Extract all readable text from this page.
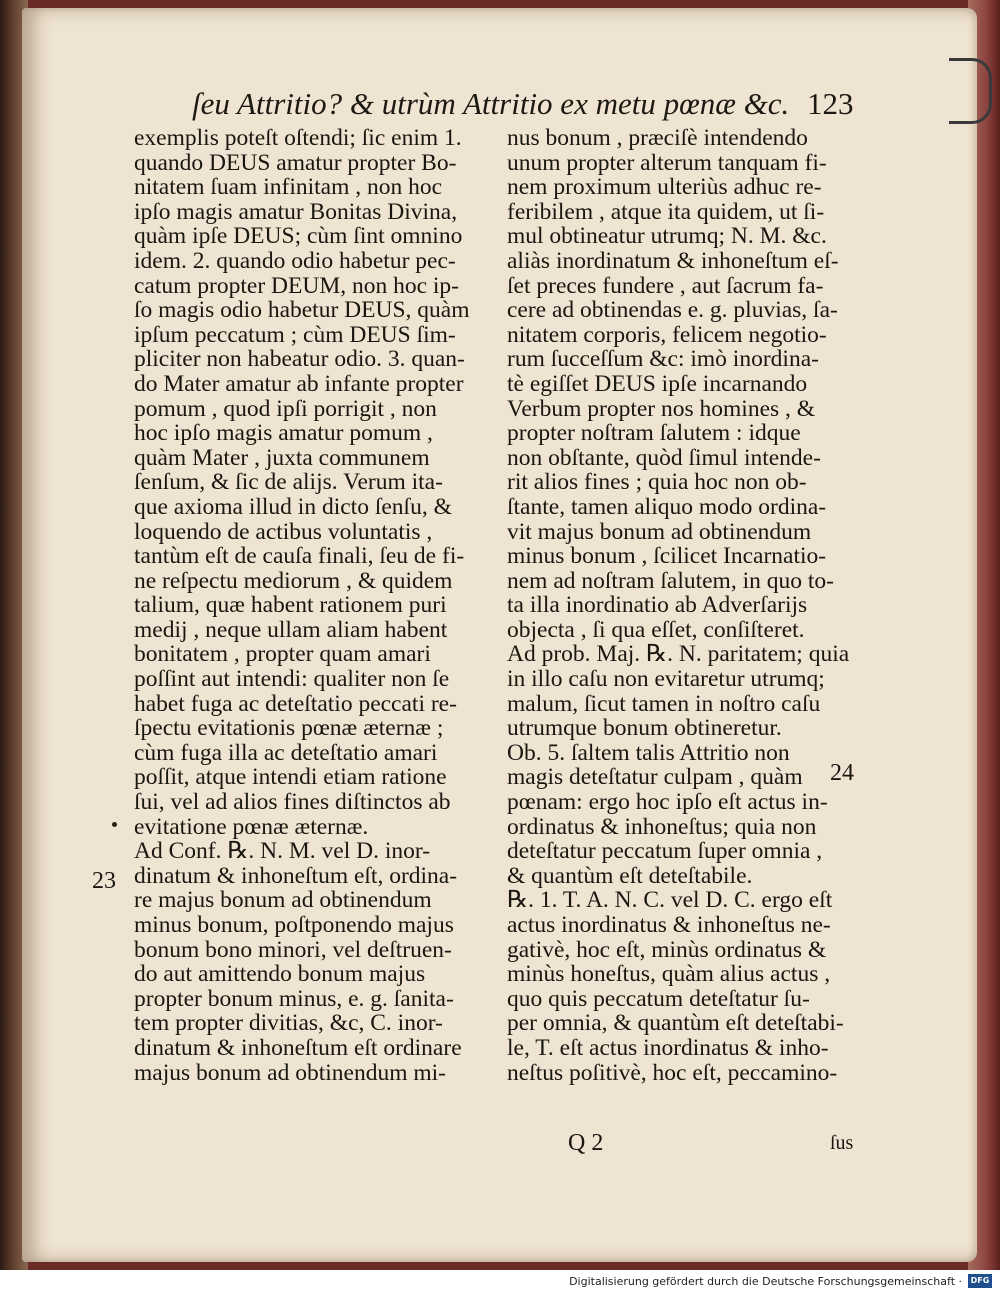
ſeu Attritio? & utrùm Attritio ex metu pœnæ &c. 123
exemplis poteſt oſtendi; ſic enim 1.
quando DEUS amatur propter Bo-
nitatem ſuam infinitam , non hoc
ipſo magis amatur Bonitas Divina,
quàm ipſe DEUS; cùm ſint omnino
idem. 2. quando odio habetur pec-
catum propter DEUM, non hoc ip-
ſo magis odio habetur DEUS, quàm
ipſum peccatum ; cùm DEUS ſim-
pliciter non habeatur odio. 3. quan-
do Mater amatur ab infante propter
pomum , quod ipſi porrigit , non
hoc ipſo magis amatur pomum ,
quàm Mater , juxta communem
ſenſum, & ſic de alijs. Verum ita-
que axioma illud in dicto ſenſu, &
loquendo de actibus voluntatis ,
tantùm eſt de cauſa finali, ſeu de fi-
ne reſpectu mediorum , & quidem
talium, quæ habent rationem puri
medij , neque ullam aliam habent
bonitatem , propter quam amari
poſſint aut intendi: qualiter non ſe
habet fuga ac deteſtatio peccati re-
ſpectu evitationis pœnæ æternæ ;
cùm fuga illa ac deteſtatio amari
poſſit, atque intendi etiam ratione
ſui, vel ad alios fines diſtinctos ab
evitatione pœnæ æternæ.
Ad Conf. ℞. N. M. vel D. inor-
dinatum & inhoneſtum eſt, ordina-
re majus bonum ad obtinendum
minus bonum, poſtponendo majus
bonum bono minori, vel deſtruen-
do aut amittendo bonum majus
propter bonum minus, e. g. ſanita-
tem propter divitias, &c, C. inor-
dinatum & inhoneſtum eſt ordinare
majus bonum ad obtinendum mi-
nus bonum , præciſè intendendo
unum propter alterum tanquam fi-
nem proximum ulteriùs adhuc re-
feribilem , atque ita quidem, ut ſi-
mul obtineatur utrumq; N. M. &c.
aliàs inordinatum & inhoneſtum eſ-
ſet preces fundere , aut ſacrum fa-
cere ad obtinendas e. g. pluvias, ſa-
nitatem corporis, felicem negotio-
rum ſucceſſum &c: imò inordina-
tè egiſſet DEUS ipſe incarnando
Verbum propter nos homines , &
propter noſtram ſalutem : idque
non obſtante, quòd ſimul intende-
rit alios fines ; quia hoc non ob-
ſtante, tamen aliquo modo ordina-
vit majus bonum ad obtinendum
minus bonum , ſcilicet Incarnatio-
nem ad noſtram ſalutem, in quo to-
ta illa inordinatio ab Adverſarijs
objecta , ſi qua eſſet, conſiſteret.
Ad prob. Maj. ℞. N. paritatem; quia
in illo caſu non evitaretur utrumq;
malum, ſicut tamen in noſtro caſu
utrumque bonum obtineretur.
Ob. 5. ſaltem talis Attritio non
magis deteſtatur culpam , quàm
pœnam: ergo hoc ipſo eſt actus in-
ordinatus & inhoneſtus; quia non
deteſtatur peccatum ſuper omnia ,
& quantùm eſt deteſtabile.
℞. 1. T. A. N. C. vel D. C. ergo eſt
actus inordinatus & inhoneſtus ne-
gativè, hoc eſt, minùs ordinatus &
minùs honeſtus, quàm alius actus ,
quo quis peccatum deteſtatur ſu-
per omnia, & quantùm eſt deteſtabi-
le, T. eſt actus inordinatus & inho-
neſtus poſitivè, hoc eſt, peccamino-
23
24
Q 2	ſus
Digitalisierung gefördert durch die Deutsche Forschungsgemeinschaft ·	DFG
